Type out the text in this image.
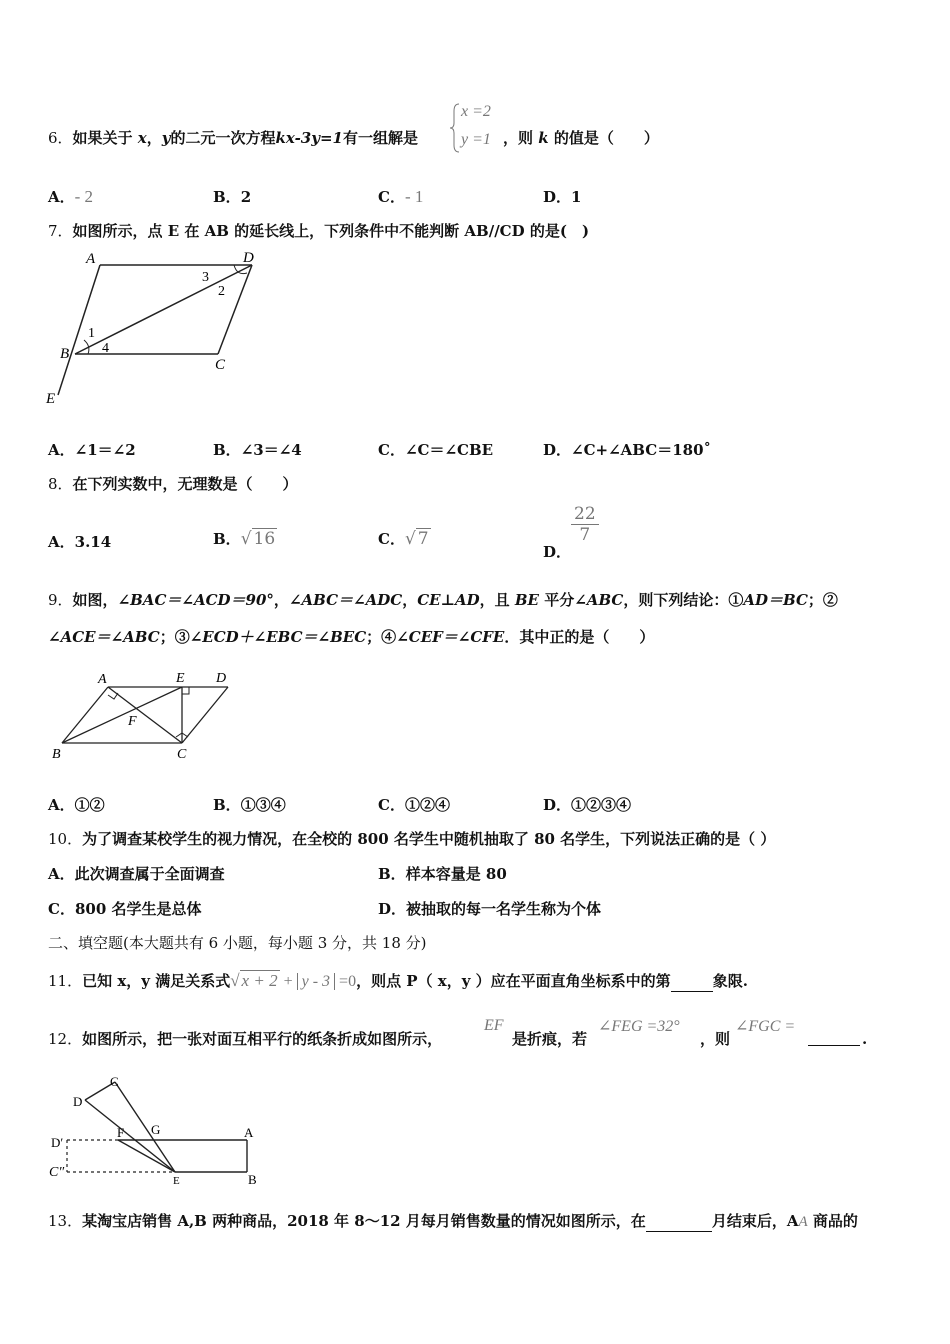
6．如果关于 x，y的二元一次方程kx-3y=1有一组解是
x =2
y =1 ，则 k 的值是（　　）
A．- 2	B．2	C．- 1	D．1
7．如图所示，点 E 在 AB 的延长线上，下列条件中不能判断 AB//CD 的是(　)
A	D
B
C
E
1
2
3
4
A．∠1＝∠2	B．∠3＝∠4	C．∠C＝∠CBE	D．∠C+∠ABC＝180˚
8．在下列实数中，无理数是（　　）
A．3.14	B．√ 16	C．√ 7
D．
$\frac{22}{7}$
9．如图，∠BAC＝∠ACD＝90°，∠ABC＝∠ADC，CE⊥AD，且 BE 平分∠ABC，则下列结论：①AD＝BC；②
∠ACE＝∠ABC；③∠ECD＋∠EBC＝∠BEC；④∠CEF＝∠CFE．其中正的是（　　）
A	E D
F
B	C
A．①②	B．①③④	C．①②④	D．①②③④
10．为了调查某校学生的视力情况，在全校的 800 名学生中随机抽取了 80 名学生，下列说法正确的是（ ）
A．此次调查属于全面调查	B．样本容量是 80
C．800 名学生是总体	D．被抽取的每一名学生称为个体
二、填空题(本大题共有 6 小题，每小题 3 分，共 18 分)
11．已知 x，y 满足关系式√ x + 2 + y - 3 =0，则点 P（ x，y ）应在平面直角坐标系中的第	象限.
12．如图所示，把一张对面互相平行的纸条折成如图所示，
EF
是折痕，若
∠FEG =32°
，则
∠FGC =
.
C
D
F G	A
D′
C″
E	B
13．某淘宝店销售 A,B 两种商品，2018 年 8～12 月每月销售数量的情况如图所示，在	月结束后，AA 商品的
